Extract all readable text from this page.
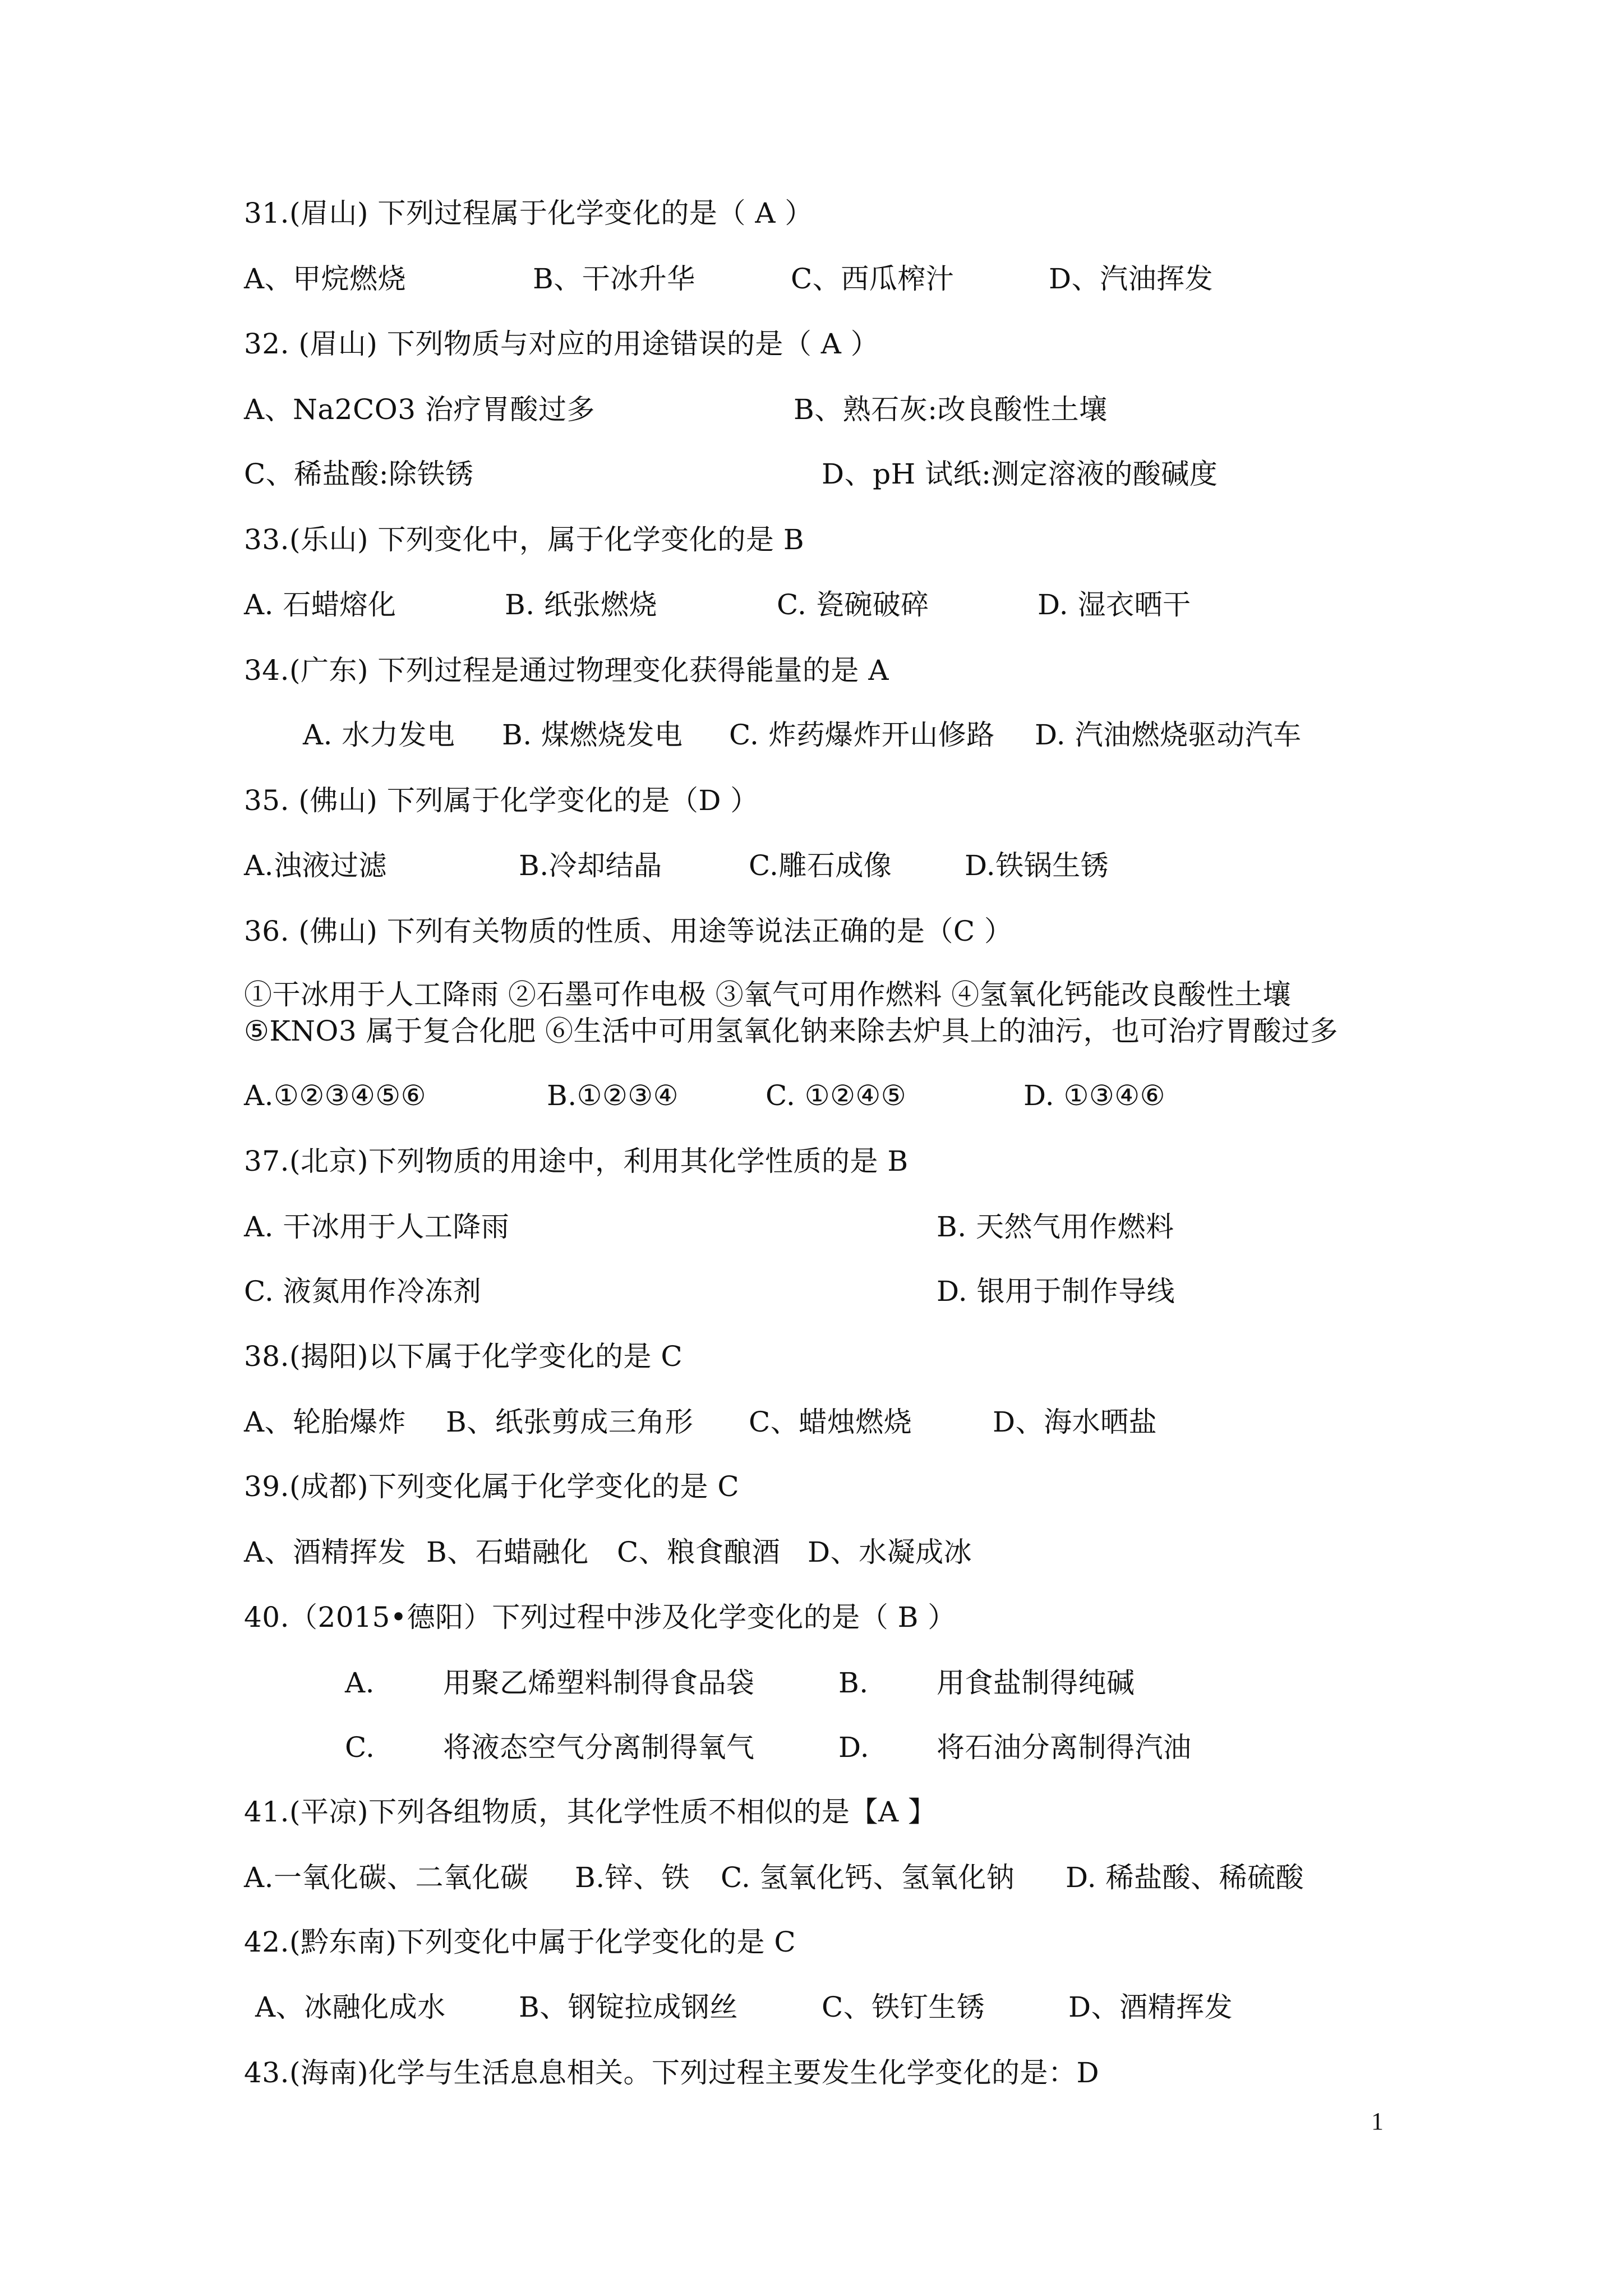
31.(眉山) 下列过程属于化学变化的是（ A ）
A、甲烷燃烧	B、干冰升华	C、西瓜榨汁	D、汽油挥发
32. (眉山) 下列物质与对应的用途错误的是（ A ）
A、Na2CO3 治疗胃酸过多	B、熟石灰:改良酸性土壤
C、稀盐酸:除铁锈	D、pH 试纸:测定溶液的酸碱度
33.(乐山) 下列变化中，属于化学变化的是 B
A. 石蜡熔化	B. 纸张燃烧	C. 瓷碗破碎	D. 湿衣晒干
34.(广东) 下列过程是通过物理变化获得能量的是 A
A. 水力发电 B. 煤燃烧发电 C. 炸药爆炸开山修路 D. 汽油燃烧驱动汽车
35. (佛山) 下列属于化学变化的是（D ）
A.浊液过滤	B.冷却结晶	C.雕石成像	D.铁锅生锈
36. (佛山) 下列有关物质的性质、用途等说法正确的是（C ）
①干冰用于人工降雨 ②石墨可作电极 ③氧气可用作燃料 ④氢氧化钙能改良酸性土壤
⑤KNO3 属于复合化肥 ⑥生活中可用氢氧化钠来除去炉具上的油污，也可治疗胃酸过多
A.①②③④⑤⑥	B.①②③④	C. ①②④⑤	D. ①③④⑥
37.(北京)下列物质的用途中，利用其化学性质的是 B
A. 干冰用于人工降雨	B. 天然气用作燃料
C. 液氮用作冷冻剂	D. 银用于制作导线
38.(揭阳)以下属于化学变化的是 C
A、轮胎爆炸 B、纸张剪成三角形 C、蜡烛燃烧	D、海水晒盐
39.(成都)下列变化属于化学变化的是 C
A、酒精挥发 B、石蜡融化 C、粮食酿酒 D、水凝成冰
40.（2015•德阳）下列过程中涉及化学变化的是（ B ）
A. 用聚乙烯塑料制得食品袋	B. 用食盐制得纯碱
C. 将液态空气分离制得氧气	D. 将石油分离制得汽油
41.(平凉)下列各组物质，其化学性质不相似的是【A 】
A.一氧化碳、二氧化碳 B.锌、铁 C. 氢氧化钙、氢氧化钠 D. 稀盐酸、稀硫酸
42.(黔东南)下列变化中属于化学变化的是 C
A、冰融化成水	B、钢锭拉成钢丝	C、铁钉生锈	D、酒精挥发
43.(海南)化学与生活息息相关。下列过程主要发生化学变化的是：D
1
